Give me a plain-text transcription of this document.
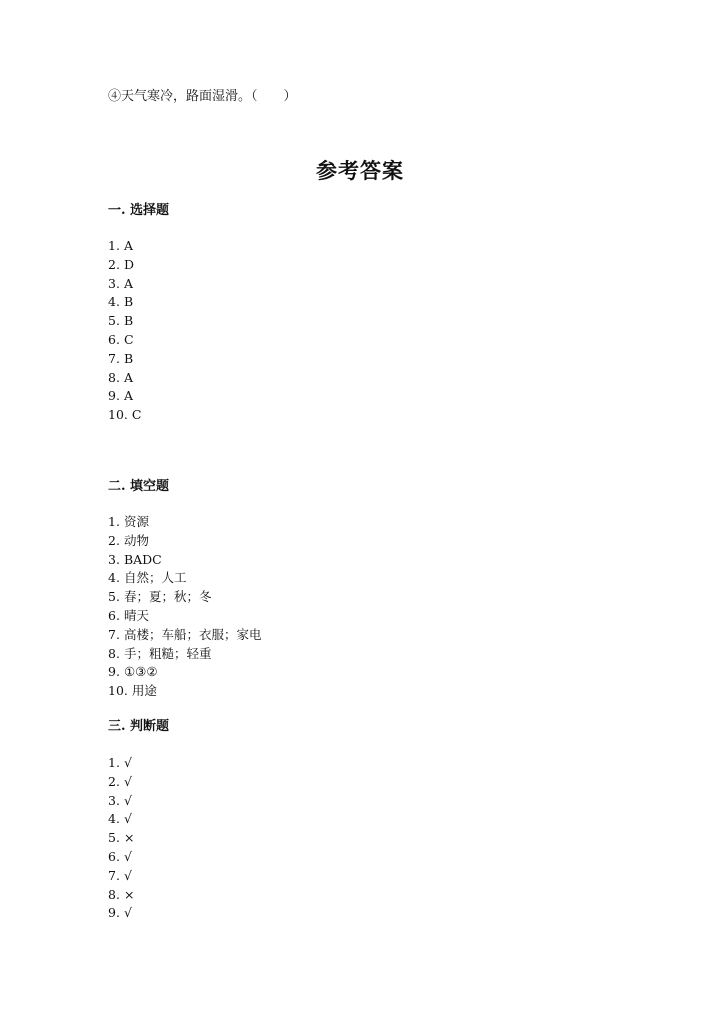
④天气寒冷，路面湿滑。（　　）
参考答案
一. 选择题
1. A
2. D
3. A
4. B
5. B
6. C
7. B
8. A
9. A
10. C
二. 填空题
1. 资源
2. 动物
3. BADC
4. 自然；人工
5. 春；夏；秋；冬
6. 晴天
7. 高楼；车船；衣服；家电
8. 手；粗糙；轻重
9. ①③②
10. 用途
三. 判断题
1. √
2. √
3. √
4. √
5. ×
6. √
7. √
8. ×
9. √
